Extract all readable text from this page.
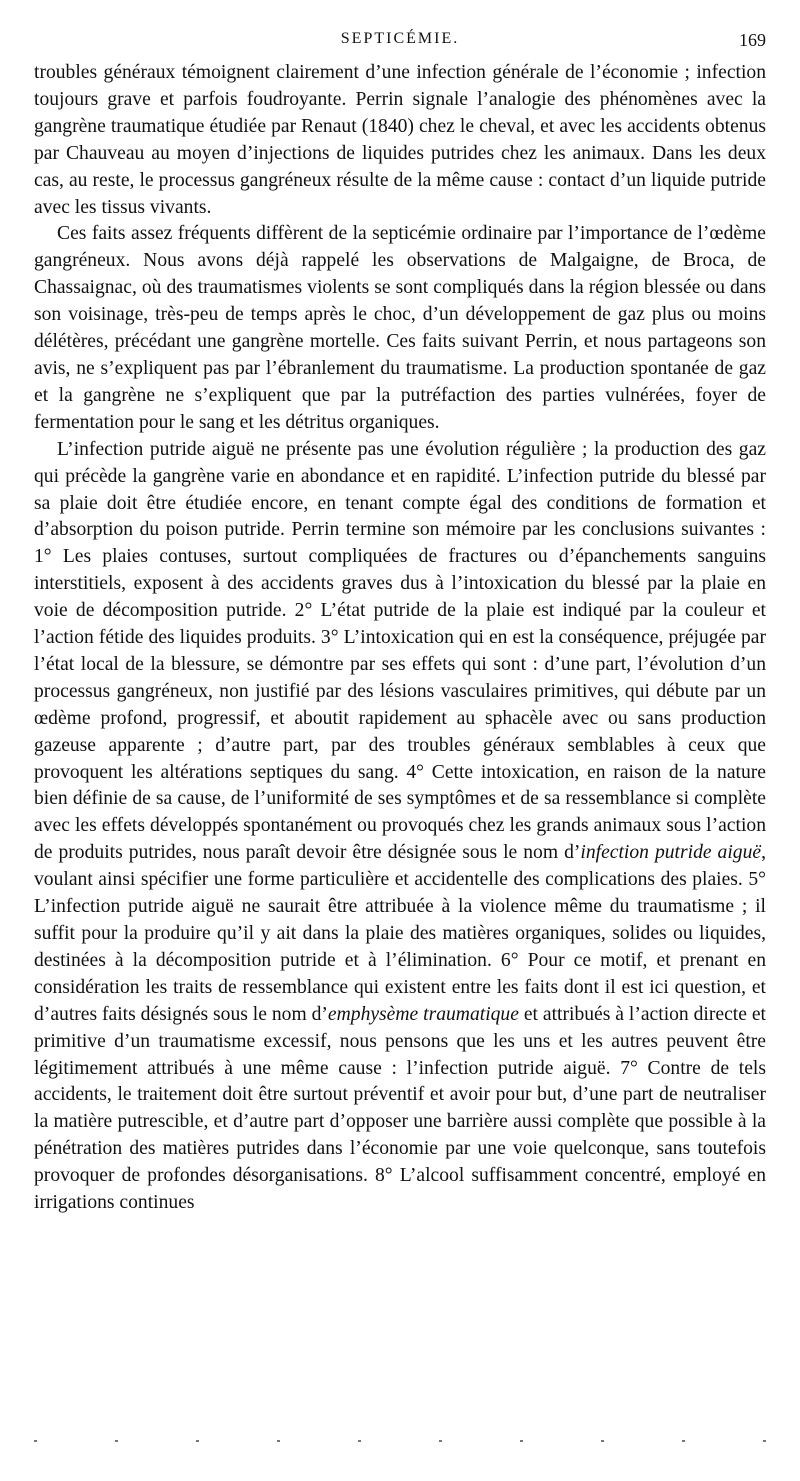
SEPTICÉMIE.	169

troubles généraux témoignent clairement d’une infection générale de l’économie ; infection toujours grave et parfois foudroyante. Perrin signale l’analogie des phénomènes avec la gangrène traumatique étudiée par Renaut (1840) chez le cheval, et avec les accidents obtenus par Chauveau au moyen d’injections de liquides putrides chez les animaux. Dans les deux cas, au reste, le processus gangréneux résulte de la même cause : contact d’un liquide putride avec les tissus vivants.

Ces faits assez fréquents diffèrent de la septicémie ordinaire par l’importance de l’œdème gangréneux. Nous avons déjà rappelé les observations de Malgaigne, de Broca, de Chassaignac, où des traumatismes violents se sont compliqués dans la région blessée ou dans son voisinage, très-peu de temps après le choc, d’un développement de gaz plus ou moins délétères, précédant une gangrène mortelle. Ces faits suivant Perrin, et nous partageons son avis, ne s’expliquent pas par l’ébranlement du traumatisme. La production spontanée de gaz et la gangrène ne s’expliquent que par la putréfaction des parties vulnérées, foyer de fermentation pour le sang et les détritus organiques.

L’infection putride aiguë ne présente pas une évolution régulière ; la production des gaz qui précède la gangrène varie en abondance et en rapidité. L’infection putride du blessé par sa plaie doit être étudiée encore, en tenant compte égal des conditions de formation et d’absorption du poison putride. Perrin termine son mémoire par les conclusions suivantes : 1° Les plaies contuses, surtout compliquées de fractures ou d’épanchements sanguins interstitiels, exposent à des accidents graves dus à l’intoxication du blessé par la plaie en voie de décomposition putride. 2° L’état putride de la plaie est indiqué par la couleur et l’action fétide des liquides produits. 3° L’intoxication qui en est la conséquence, préjugée par l’état local de la blessure, se démontre par ses effets qui sont : d’une part, l’évolution d’un processus gangréneux, non justifié par des lésions vasculaires primitives, qui débute par un œdème profond, progressif, et aboutit rapidement au sphacèle avec ou sans production gazeuse apparente ; d’autre part, par des troubles généraux semblables à ceux que provoquent les altérations septiques du sang. 4° Cette intoxication, en raison de la nature bien définie de sa cause, de l’uniformité de ses symptômes et de sa ressemblance si complète avec les effets développés spontanément ou provoqués chez les grands animaux sous l’action de produits putrides, nous paraît devoir être désignée sous le nom d’infection putride aiguë, voulant ainsi spécifier une forme particulière et accidentelle des complications des plaies. 5° L’infection putride aiguë ne saurait être attribuée à la violence même du traumatisme ; il suffit pour la produire qu’il y ait dans la plaie des matières organiques, solides ou liquides, destinées à la décomposition putride et à l’élimination. 6° Pour ce motif, et prenant en considération les traits de ressemblance qui existent entre les faits dont il est ici question, et d’autres faits désignés sous le nom d’emphysème traumatique et attribués à l’action directe et primitive d’un traumatisme excessif, nous pensons que les uns et les autres peuvent être légitimement attribués à une même cause : l’infection putride aiguë. 7° Contre de tels accidents, le traitement doit être surtout préventif et avoir pour but, d’une part de neutraliser la matière putrescible, et d’autre part d’opposer une barrière aussi complète que possible à la pénétration des matières putrides dans l’économie par une voie quelconque, sans toutefois provoquer de profondes désorganisations. 8° L’alcool suffisamment concentré, employé en irrigations continues
